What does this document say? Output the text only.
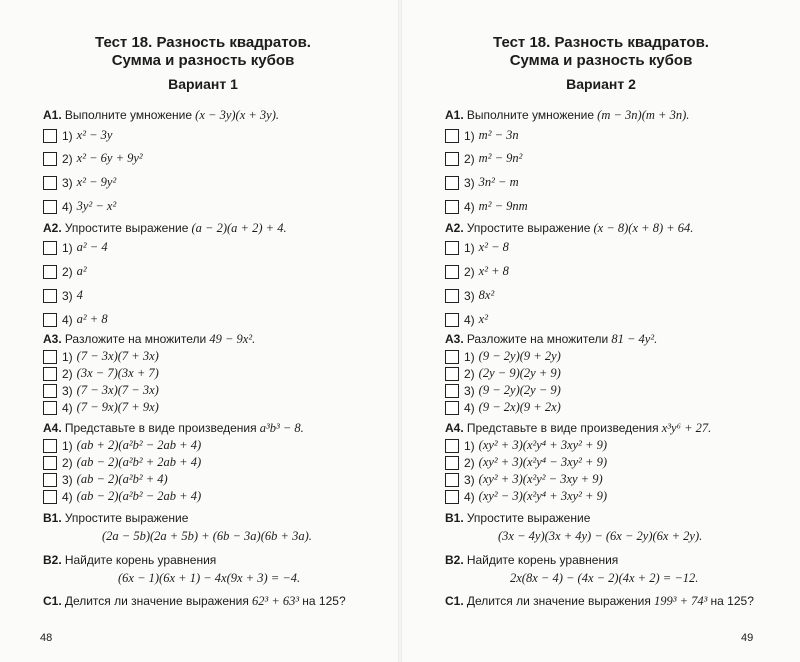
Тест 18. Разность квадратов.
Сумма и разность кубов
Вариант 1
A1. Выполните умножение (x − 3y)(x + 3y).
1) x² − 3y
2) x² − 6y + 9y²
3) x² − 9y²
4) 3y² − x²
A2. Упростите выражение (a − 2)(a + 2) + 4.
1) a² − 4
2) a²
3) 4
4) a² + 8
A3. Разложите на множители 49 − 9x².
1) (7 − 3x)(7 + 3x)
2) (3x − 7)(3x + 7)
3) (7 − 3x)(7 − 3x)
4) (7 − 9x)(7 + 9x)
A4. Представьте в виде произведения a³b³ − 8.
1) (ab + 2)(a²b² − 2ab + 4)
2) (ab − 2)(a²b² + 2ab + 4)
3) (ab − 2)(a²b² + 4)
4) (ab − 2)(a²b² − 2ab + 4)
B1. Упростите выражение
(2a − 5b)(2a + 5b) + (6b − 3a)(6b + 3a).
B2. Найдите корень уравнения
(6x − 1)(6x + 1) − 4x(9x + 3) = −4.
C1. Делится ли значение выражения 62³ + 63³ на 125?
48
Тест 18. Разность квадратов.
Сумма и разность кубов
Вариант 2
A1. Выполните умножение (m − 3n)(m + 3n).
1) m² − 3n
2) m² − 9n²
3) 3n² − m
4) m² − 9nm
A2. Упростите выражение (x − 8)(x + 8) + 64.
1) x² − 8
2) x² + 8
3) 8x²
4) x²
A3. Разложите на множители 81 − 4y².
1) (9 − 2y)(9 + 2y)
2) (2y − 9)(2y + 9)
3) (9 − 2y)(2y − 9)
4) (9 − 2x)(9 + 2x)
A4. Представьте в виде произведения x³y⁶ + 27.
1) (xy² + 3)(x²y⁴ + 3xy² + 9)
2) (xy² + 3)(x²y⁴ − 3xy² + 9)
3) (xy² + 3)(x²y² − 3xy + 9)
4) (xy² − 3)(x²y⁴ + 3xy² + 9)
B1. Упростите выражение
(3x − 4y)(3x + 4y) − (6x − 2y)(6x + 2y).
B2. Найдите корень уравнения
2x(8x − 4) − (4x − 2)(4x + 2) = −12.
C1. Делится ли значение выражения 199³ + 74³ на 125?
49
